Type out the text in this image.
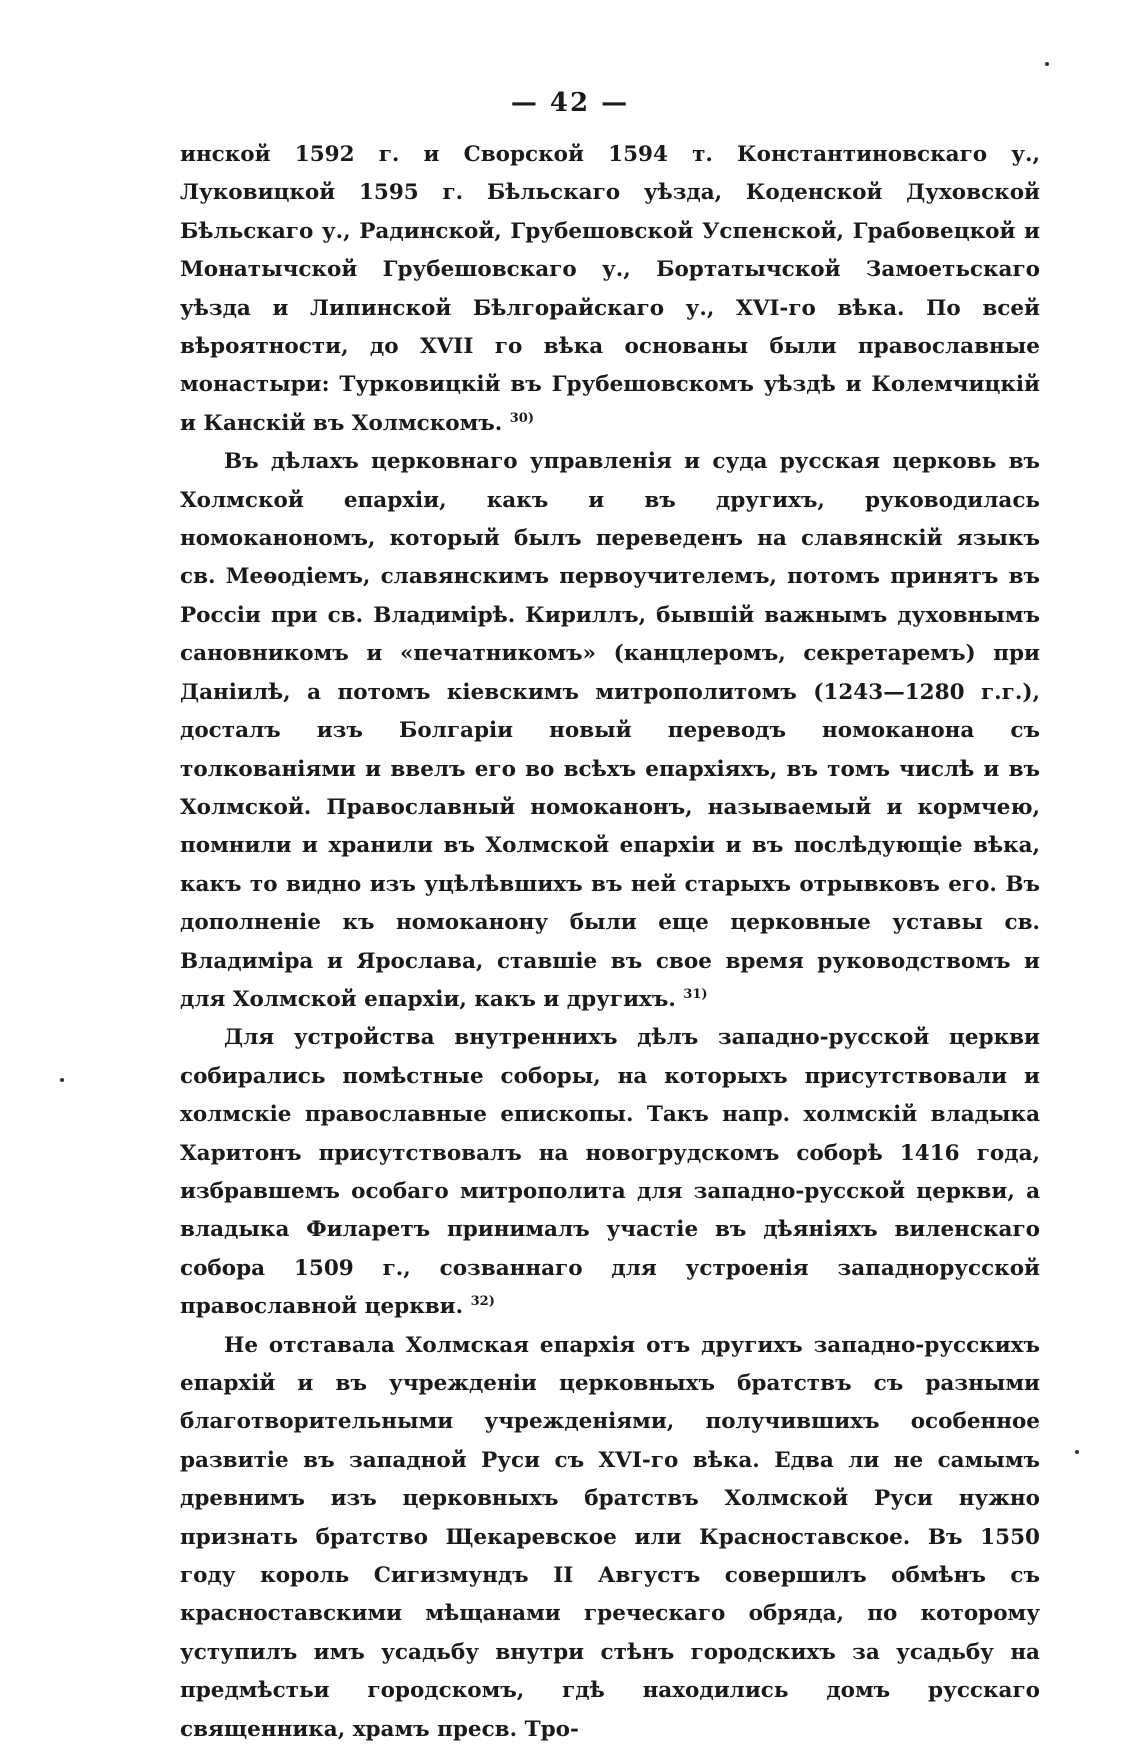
— 42 —

инской 1592 г. и Сворской 1594 т. Константиновскаго у., Луковицкой 1595 г. Бѣльскаго уѣзда, Коденской Духовской Бѣльскаго у., Радинской, Грубешовской Успенской, Грабовецкой и Монатычской Грубешовскаго у., Бортатычской Замоетьскаго уѣзда и Липинской Бѣлгорайскаго у., XVI-го вѣка. По всей вѣроятности, до XVII го вѣка основаны были православные монастыри: Турковицкій въ Грубешовскомъ уѣздѣ и Колемчицкій и Канскій въ Холмскомъ. $^{30)}$

Въ дѣлахъ церковнаго управленія и суда русская церковь въ Холмской епархіи, какъ и въ другихъ, руководилась номоканономъ, который былъ переведенъ на славянскій языкъ св. Меѳодіемъ, славянскимъ первоучителемъ, потомъ принятъ въ Россіи при св. Владимірѣ. Кириллъ, бывшій важнымъ духовнымъ сановникомъ и «печатникомъ» (канцлеромъ, секретаремъ) при Даніилѣ, а потомъ кіевскимъ митрополитомъ (1243—1280 г.г.), досталъ изъ Болгаріи новый переводъ номоканона съ толкованіями и ввелъ его во всѣхъ епархіяхъ, въ томъ числѣ и въ Холмской. Православный номоканонъ, называемый и кормчею, помнили и хранили въ Холмской епархіи и въ послѣдующіе вѣка, какъ то видно изъ уцѣлѣвшихъ въ ней старыхъ отрывковъ его. Въ дополненіе къ номоканону были еще церковные уставы св. Владиміра и Ярослава, ставшіе въ свое время руководствомъ и для Холмской епархіи, какъ и другихъ. $^{31)}$

Для устройства внутреннихъ дѣлъ западно-русской церкви собирались помѣстные соборы, на которыхъ присутствовали и холмскіе православные епископы. Такъ напр. холмскій владыка Харитонъ присутствовалъ на новогрудскомъ соборѣ 1416 года, избравшемъ особаго митрополита для западно-русской церкви, а владыка Филаретъ принималъ участіе въ дѣяніяхъ виленскаго собора 1509 г., созваннаго для устроенія западнорусской православной церкви. $^{32)}$

Не отставала Холмская епархія отъ другихъ западно-русскихъ епархій и въ учрежденіи церковныхъ братствъ съ разными благотворительными учрежденіями, получившихъ особенное развитіе въ западной Руси съ XVI-го вѣка. Едва ли не самымъ древнимъ изъ церковныхъ братствъ Холмской Руси нужно признать братство Щекаревское или Красноставское. Въ 1550 году король Сигизмундъ II Августъ совершилъ обмѣнъ съ красноставскими мѣщанами греческаго обряда, по которому уступилъ имъ усадьбу внутри стѣнъ городскихъ за усадьбу на предмѣстьи городскомъ, гдѣ находились домъ русскаго священника, храмъ пресв. Тро-
